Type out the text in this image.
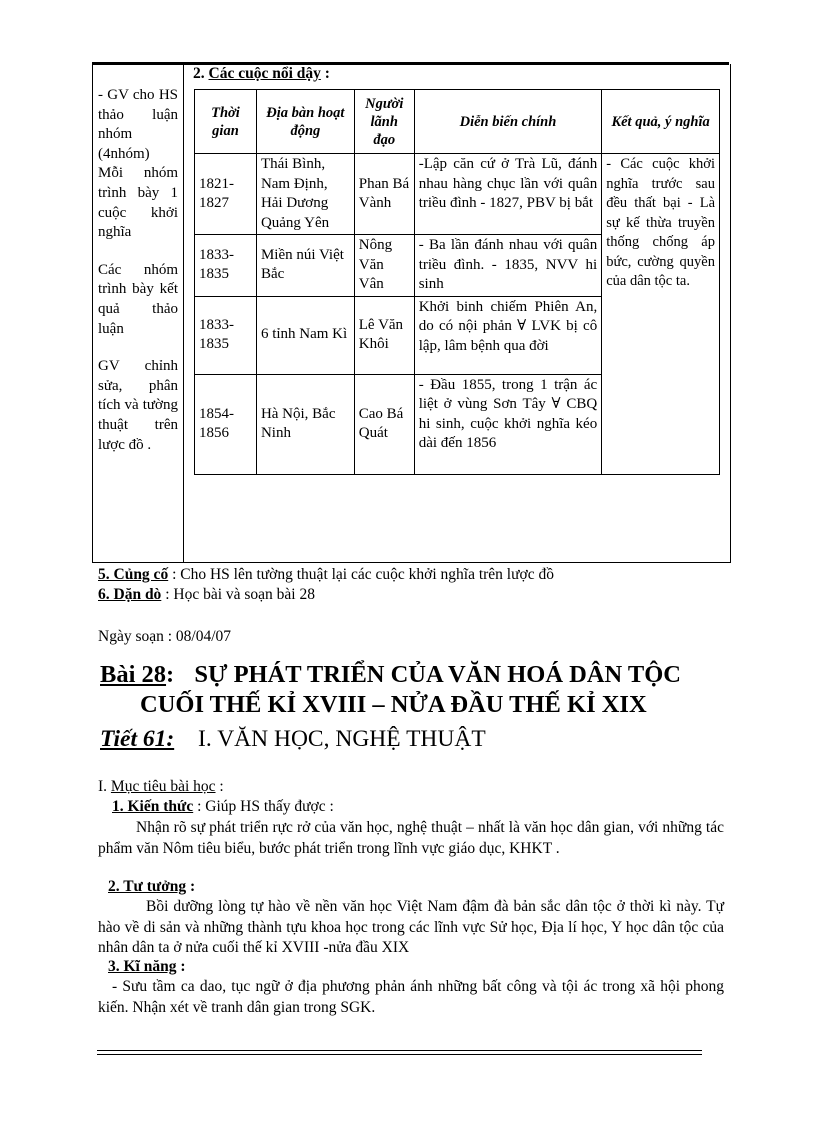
- GV cho HS thảo luận nhóm (4nhóm) Mỗi nhóm trình bày 1 cuộc khởi nghĩa

Các nhóm trình bày kết quả thảo luận

GV chỉnh sửa, phân tích và tường thuật trên lược đồ .

2. Các cuộc nổi dậy :
Thời gian	Địa bàn hoạt động	Người lãnh đạo	Diễn biến chính	Kết quả, ý nghĩa
1821-1827	Thái Bình, Nam Định, Hải Dương Quảng Yên	Phan Bá Vành	-Lập căn cứ ở Trà Lũ, đánh nhau hàng chục lần với quân triều đình - 1827, PBV bị bắt	- Các cuộc khởi nghĩa trước sau đều thất bại - Là sự kế thừa truyền thống chống áp bức, cường quyền của dân tộc ta.
1833-1835	Miền núi Việt Bắc	Nông Văn Vân	- Ba lần đánh nhau với quân triều đình. - 1835, NVV hi sinh	
1833-1835	6 tỉnh Nam Kì	Lê Văn Khôi	Khởi binh chiếm Phiên An, do có nội phản ∀ LVK bị cô lập, lâm bệnh qua đời	
1854-1856	Hà Nội, Bắc Ninh	Cao Bá Quát	- Đầu 1855, trong 1 trận ác liệt ở vùng Sơn Tây ∀ CBQ hi sinh, cuộc khởi nghĩa kéo dài đến 1856	
5. Củng cố : Cho HS lên tường thuật lại các cuộc khởi nghĩa trên lược đồ
6. Dặn dò : Học bài và soạn bài 28
Ngày soạn : 08/04/07
Bài 28: SỰ PHÁT TRIỂN CỦA VĂN HOÁ DÂN TỘC
CUỐI THẾ KỈ XVIII – NỬA ĐẦU THẾ KỈ XIX
Tiết 61: I. VĂN HỌC, NGHỆ THUẬT
I. Mục tiêu bài học :
1. Kiến thức : Giúp HS thấy được :
Nhận rõ sự phát triển rực rở của văn học, nghệ thuật – nhất là văn học dân gian, với những tác phẩm văn Nôm tiêu biểu, bước phát triển trong lĩnh vực giáo dục, KHKT .
2. Tư tưởng :
Bồi dưỡng lòng tự hào về nền văn học Việt Nam đậm đà bản sắc dân tộc ở thời kì này. Tự hào về di sản và những thành tựu khoa học trong các lĩnh vực Sử học, Địa lí học, Y học dân tộc của nhân dân ta ở nửa cuối thế kỉ XVIII -nửa đầu XIX
3. Kĩ năng :
- Sưu tầm ca dao, tục ngữ ở địa phương phản ánh những bất công và tội ác trong xã hội phong kiến. Nhận xét về tranh dân gian trong SGK.
